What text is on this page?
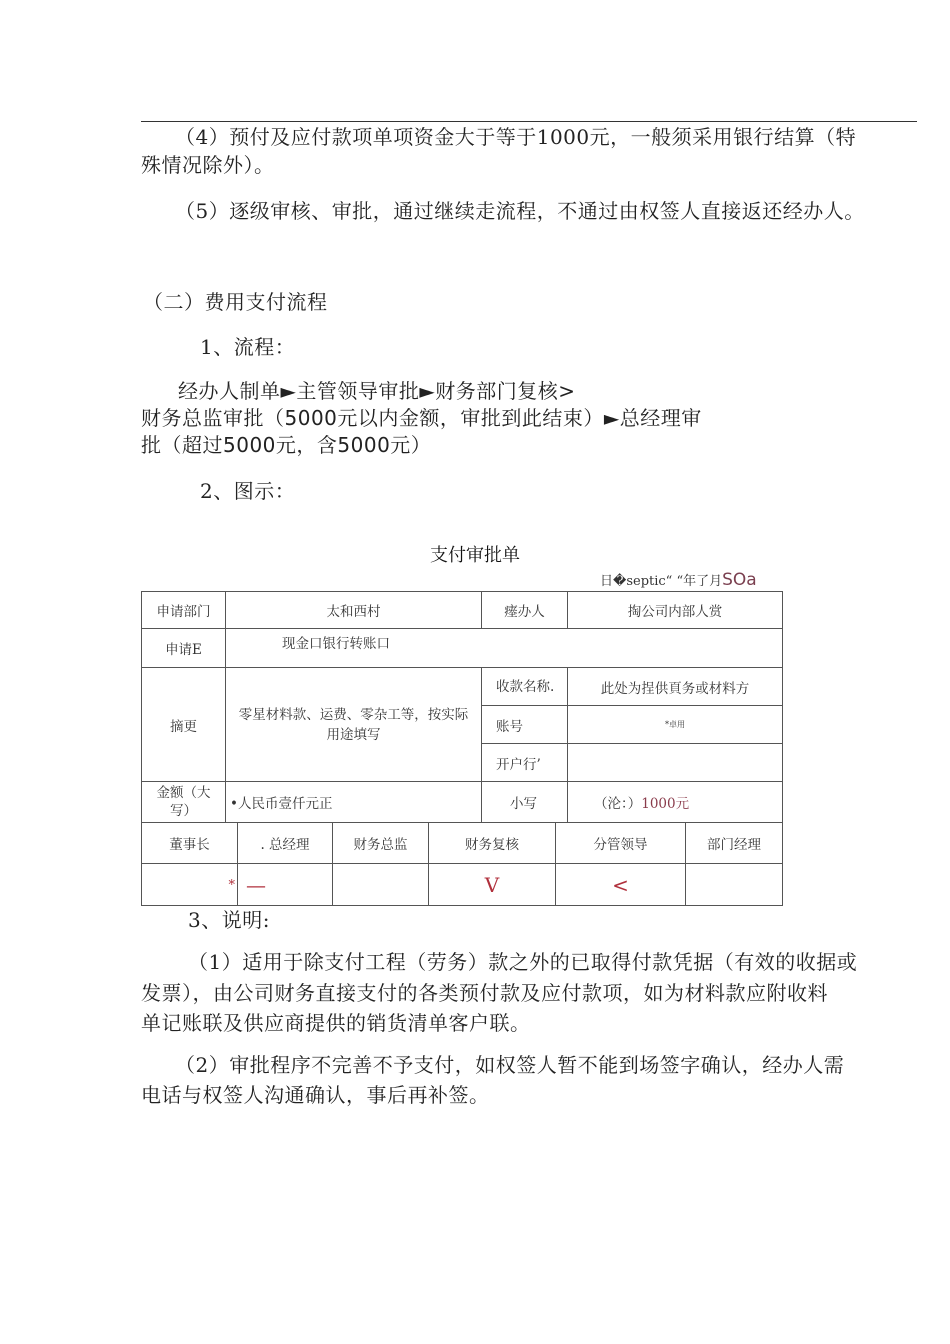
（4）预付及应付款项单项资金大于等于1000元，一般须采用银行结算（特
殊情况除外）。
（5）逐级审核、审批，通过继续走流程，不通过由权签人直接返还经办人。
（二）费用支付流程
1、流程：
经办人制单►主管领导审批►财务部门复核>
财务总监审批（5000元以内金额，审批到此结束）►总经理审
批（超过5000元，含5000元）
2、图示：
支付审批单
日�septic“ “年了月SOa
申请部门	太和西村	瘗办人	掏公司内部人赏
申请E	现金口银行转账口		
摘更	零星材料款、运费、零杂工等，按实际用途填写	收款名称.	此处为挰供頁务或材料方
		账号	*卓用
		开户行’	
金额（大写）	•人民币壹仟元正	小写	（沦：）1000元
董事长	. 总经理	财务总监	财务复核	分管领导	部门经理
*	—		V	<	
3、说明:
（1）适用于除支付工程（劳务）款之外的已取得付款凭据（有效的收据或
发票），由公司财务直接支付的各类预付款及应付款项，如为材料款应附收料
单记账联及供应商提供的销货清单客户联。
（2）审批程序不完善不予支付，如权签人暂不能到场签字确认，经办人需
电话与权签人沟通确认，事后再补签。
